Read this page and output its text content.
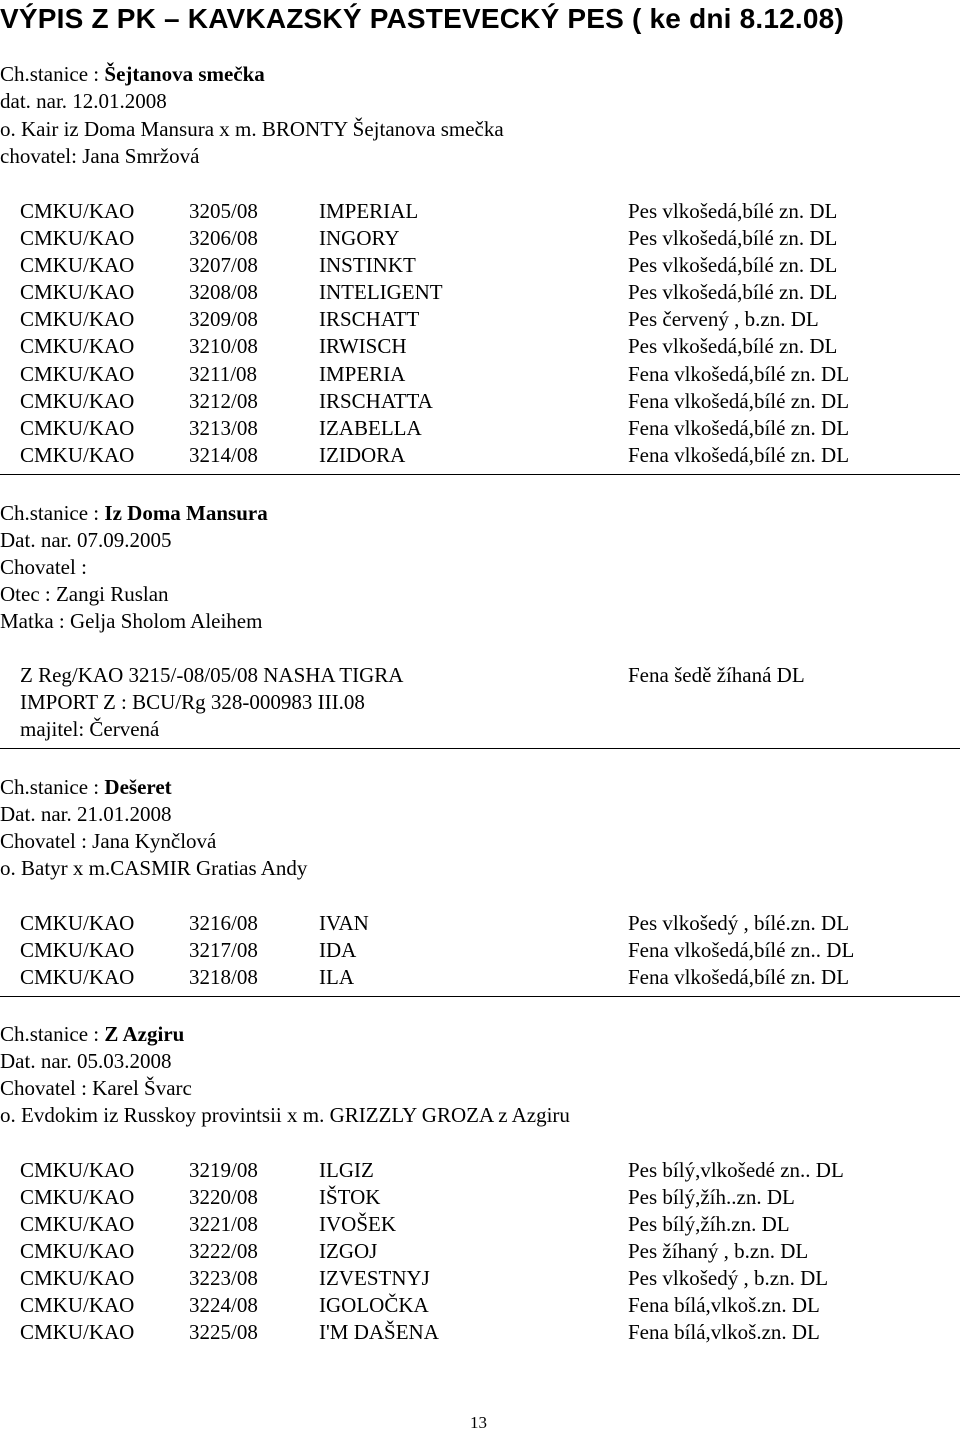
VÝPIS Z PK – KAVKAZSKÝ PASTEVECKÝ PES ( ke dni 8.12.08)
Ch.stanice : Šejtanova smečka
dat. nar. 12.01.2008
o. Kair iz Doma Mansura x m. BRONTY Šejtanova smečka
chovatel: Jana Smržová
CMKU/KAO	3205/08	IMPERIAL	Pes vlkošedá,bílé zn. DL
CMKU/KAO	3206/08	INGORY	Pes vlkošedá,bílé zn. DL
CMKU/KAO	3207/08	INSTINKT	Pes vlkošedá,bílé zn. DL
CMKU/KAO	3208/08	INTELIGENT	Pes vlkošedá,bílé zn. DL
CMKU/KAO	3209/08	IRSCHATT	Pes červený , b.zn. DL
CMKU/KAO	3210/08	IRWISCH	Pes vlkošedá,bílé zn. DL
CMKU/KAO	3211/08	IMPERIA	Fena vlkošedá,bílé zn. DL
CMKU/KAO	3212/08	IRSCHATTA	Fena vlkošedá,bílé zn. DL
CMKU/KAO	3213/08	IZABELLA	Fena vlkošedá,bílé zn. DL
CMKU/KAO	3214/08	IZIDORA	Fena vlkošedá,bílé zn. DL
Ch.stanice : Iz Doma Mansura
Dat. nar. 07.09.2005
Chovatel :
Otec : Zangi Ruslan
Matka : Gelja Sholom Aleihem
Z Reg/KAO 3215/-08/05/08 NASHA TIGRA	Fena šedě žíhaná DL
IMPORT Z : BCU/Rg 328-000983 III.08
majitel: Červená
Ch.stanice : Dešeret
Dat. nar. 21.01.2008
Chovatel : Jana Kynčlová
o. Batyr x m.CASMIR Gratias Andy
CMKU/KAO	3216/08	IVAN	Pes vlkošedý , bílé.zn. DL
CMKU/KAO	3217/08	IDA	Fena vlkošedá,bílé zn.. DL
CMKU/KAO	3218/08	ILA	Fena vlkošedá,bílé zn. DL
Ch.stanice : Z Azgiru
Dat. nar. 05.03.2008
Chovatel : Karel Švarc
o. Evdokim iz Russkoy provintsii x m. GRIZZLY GROZA z Azgiru
CMKU/KAO	3219/08	ILGIZ	Pes bílý,vlkošedé zn.. DL
CMKU/KAO	3220/08	IŠTOK	Pes bílý,žíh..zn. DL
CMKU/KAO	3221/08	IVOŠEK	Pes bílý,žíh.zn. DL
CMKU/KAO	3222/08	IZGOJ	Pes žíhaný , b.zn. DL
CMKU/KAO	3223/08	IZVESTNYJ	Pes vlkošedý , b.zn. DL
CMKU/KAO	3224/08	IGOLOČKA	Fena bílá,vlkoš.zn. DL
CMKU/KAO	3225/08	I'M DAŠENA	Fena bílá,vlkoš.zn. DL
13
